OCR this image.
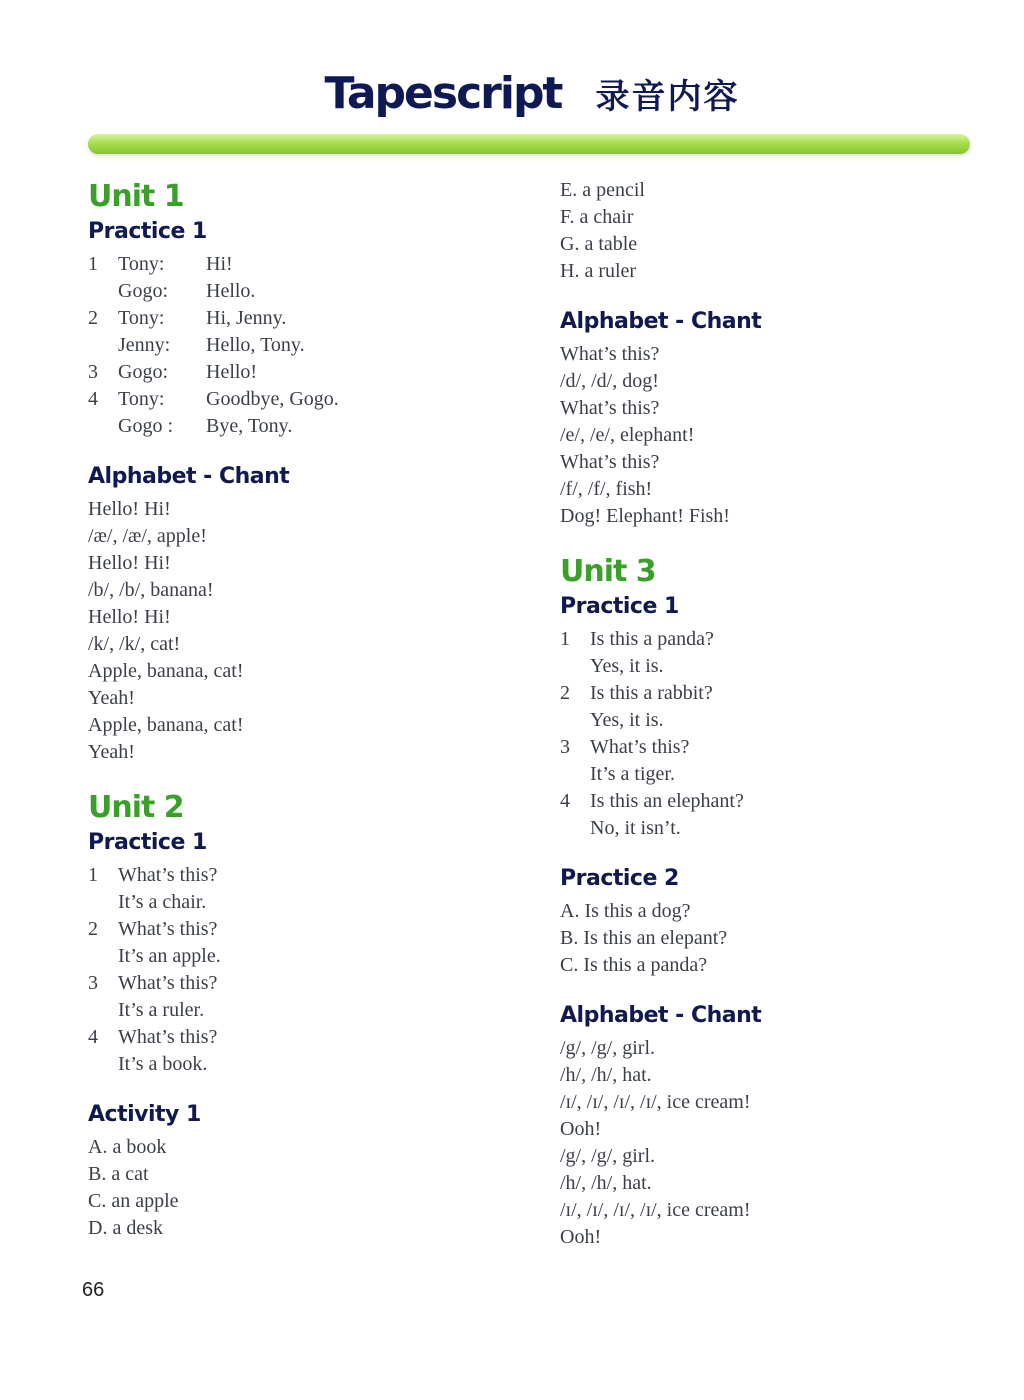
Tapescript 录音内容
Unit 1
Practice 1
1 Tony: Hi!
Gogo: Hello.
2 Tony: Hi, Jenny.
Jenny: Hello, Tony.
3 Gogo: Hello!
4 Tony: Goodbye, Gogo.
Gogo : Bye, Tony.
Alphabet - Chant
Hello! Hi!
/æ/, /æ/, apple!
Hello! Hi!
/b/, /b/, banana!
Hello! Hi!
/k/, /k/, cat!
Apple, banana, cat!
Yeah!
Apple, banana, cat!
Yeah!
Unit 2
Practice 1
1 What’s this?
It’s a chair.
2 What’s this?
It’s an apple.
3 What’s this?
It’s a ruler.
4 What’s this?
It’s a book.
Activity 1
A. a book
B. a cat
C. an apple
D. a desk
E. a pencil
F. a chair
G. a table
H. a ruler
Alphabet - Chant
What’s this?
/d/, /d/, dog!
What’s this?
/e/, /e/, elephant!
What’s this?
/f/, /f/, fish!
Dog! Elephant! Fish!
Unit 3
Practice 1
1 Is this a panda?
Yes, it is.
2 Is this a rabbit?
Yes, it is.
3 What’s this?
It’s a tiger.
4 Is this an elephant?
No, it isn’t.
Practice 2
A. Is this a dog?
B. Is this an elepant?
C. Is this a panda?
Alphabet - Chant
/g/, /g/, girl.
/h/, /h/, hat.
/ɪ/, /ɪ/, /ɪ/, /ɪ/, ice cream!
Ooh!
/g/, /g/, girl.
/h/, /h/, hat.
/ɪ/, /ɪ/, /ɪ/, /ɪ/, ice cream!
Ooh!
66
